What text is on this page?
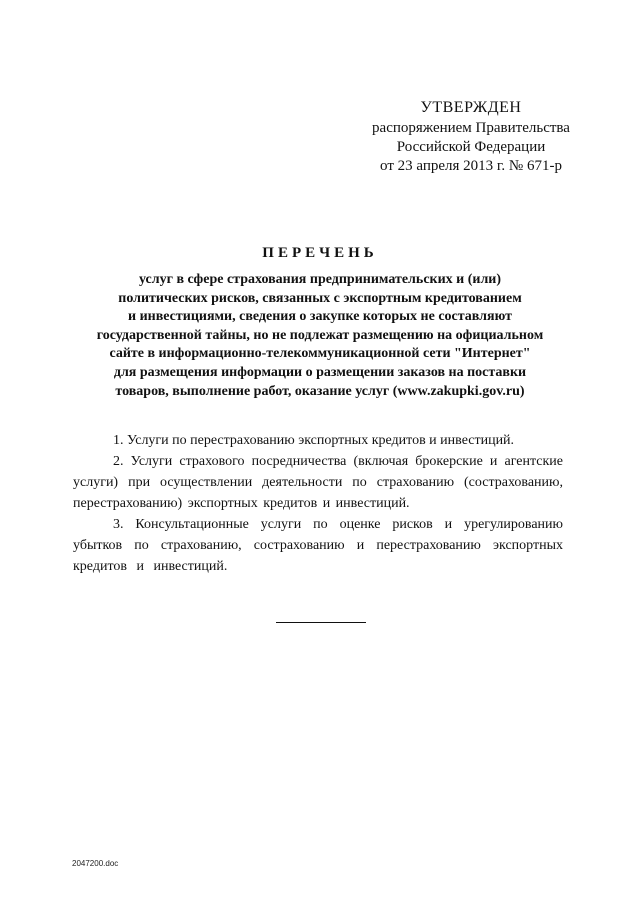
УТВЕРЖДЕН
распоряжением Правительства
Российской Федерации
от 23 апреля 2013 г. № 671-р
ПЕРЕЧЕНЬ
услуг в сфере страхования предпринимательских и (или)
политических рисков, связанных с экспортным кредитованием
и инвестициями, сведения о закупке которых не составляют
государственной тайны, но не подлежат размещению на официальном
сайте в информационно-телекоммуникационной сети "Интернет"
для размещения информации о размещении заказов на поставки
товаров, выполнение работ, оказание услуг (www.zakupki.gov.ru)

1. Услуги по перестрахованию экспортных кредитов и инвестиций.

2. Услуги страхового посредничества (включая брокерские и агентские услуги) при осуществлении деятельности по страхованию (сострахованию, перестрахованию) экспортных кредитов и инвестиций.

3. Консультационные услуги по оценке рисков и урегулированию убытков по страхованию, сострахованию и перестрахованию экспортных кредитов и инвестиций.

2047200.doc
